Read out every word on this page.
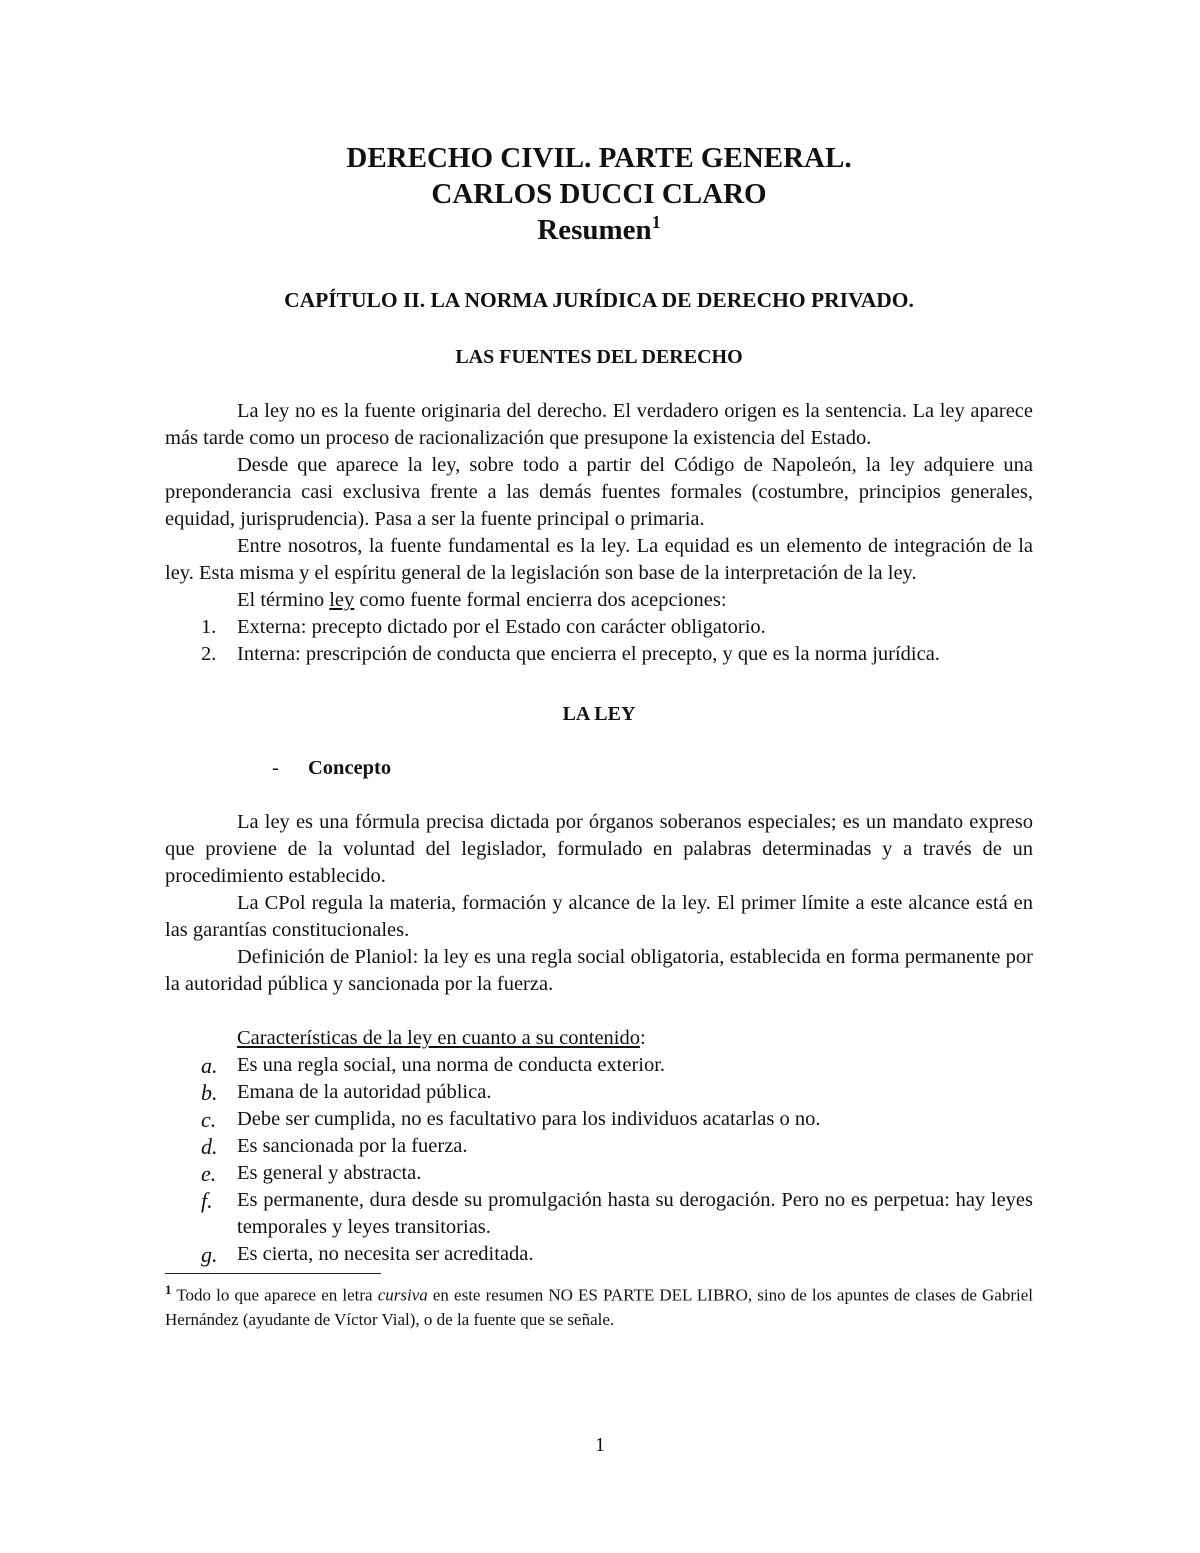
DERECHO CIVIL. PARTE GENERAL.
CARLOS DUCCI CLARO
Resumen$^1$
CAPÍTULO II. LA NORMA JURÍDICA DE DERECHO PRIVADO.
LAS FUENTES DEL DERECHO

La ley no es la fuente originaria del derecho. El verdadero origen es la sentencia. La ley aparece más tarde como un proceso de racionalización que presupone la existencia del Estado.

Desde que aparece la ley, sobre todo a partir del Código de Napoleón, la ley adquiere una preponderancia casi exclusiva frente a las demás fuentes formales (costumbre, principios generales, equidad, jurisprudencia). Pasa a ser la fuente principal o primaria.

Entre nosotros, la fuente fundamental es la ley. La equidad es un elemento de integración de la ley. Esta misma y el espíritu general de la legislación son base de la interpretación de la ley.

El término ley como fuente formal encierra dos acepciones:

1. Externa: precepto dictado por el Estado con carácter obligatorio.
2. Interna: prescripción de conducta que encierra el precepto, y que es la norma jurídica.
LA LEY
- Concepto

La ley es una fórmula precisa dictada por órganos soberanos especiales; es un mandato expreso que proviene de la voluntad del legislador, formulado en palabras determinadas y a través de un procedimiento establecido.

La CPol regula la materia, formación y alcance de la ley. El primer límite a este alcance está en las garantías constitucionales.

Definición de Planiol: la ley es una regla social obligatoria, establecida en forma permanente por la autoridad pública y sancionada por la fuerza.

Características de la ley en cuanto a su contenido:

a. Es una regla social, una norma de conducta exterior.
b. Emana de la autoridad pública.
c. Debe ser cumplida, no es facultativo para los individuos acatarlas o no.
d. Es sancionada por la fuerza.
e. Es general y abstracta.
f. Es permanente, dura desde su promulgación hasta su derogación. Pero no es perpetua: hay leyes temporales y leyes transitorias.
g. Es cierta, no necesita ser acreditada.
$^1$ Todo lo que aparece en letra cursiva en este resumen NO ES PARTE DEL LIBRO, sino de los apuntes de clases de Gabriel Hernández (ayudante de Víctor Vial), o de la fuente que se señale.
1
